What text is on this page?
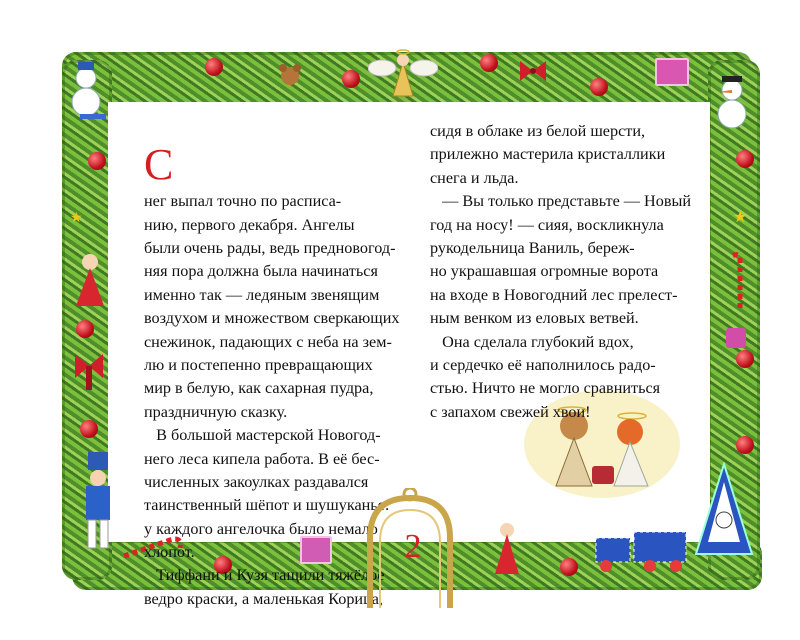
★
★

С

нег выпал точно по расписа-
нию, первого декабря. Ангелы
были очень рады, ведь предновогод-
няя пора должна была начинаться
именно так — ледяным звенящим
воздухом и множеством сверкающих
снежинок, падающих с неба на зем-
лю и постепенно превращающих
мир в белую, как сахарная пудра,
праздничную сказку.
В большой мастерской Новогод-
него леса кипела работа. В её бес-
численных закоулках раздавался
таинственный шёпот и шушуканье:
у каждого ангелочка было немало
хлопот.
Тиффани и Кузя тащили тяжёлое
ведро краски, а маленькая Корица,
сидя в облаке из белой шерсти,
прилежно мастерила кристаллики
снега и льда.
— Вы только представьте — Новый
год на носу! — сияя, воскликнула
рукодельница Ваниль, береж-
но украшавшая огромные ворота
на входе в Новогодний лес прелест-
ным венком из еловых ветвей.
Она сделала глубокий вдох,
и сердечко её наполнилось радо-
стью. Ничто не могло сравниться
с запахом свежей хвои!
2
